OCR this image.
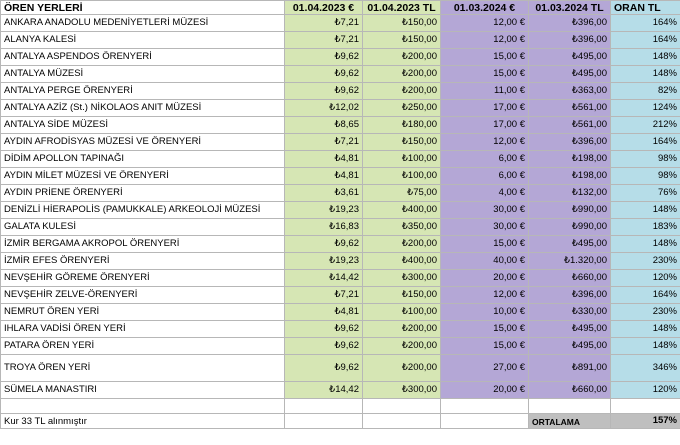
ÖREN YERLERİ	01.04.2023 €	01.04.2023 TL	01.03.2024 €	01.03.2024 TL	ORAN TL
ANKARA ANADOLU MEDENİYETLERİ MÜZESİ	₺7,21	₺150,00	12,00 €	₺396,00	164%
ALANYA KALESİ	₺7,21	₺150,00	12,00 €	₺396,00	164%
ANTALYA ASPENDOS ÖRENYERİ	₺9,62	₺200,00	15,00 €	₺495,00	148%
ANTALYA MÜZESİ	₺9,62	₺200,00	15,00 €	₺495,00	148%
ANTALYA PERGE ÖRENYERİ	₺9,62	₺200,00	11,00 €	₺363,00	82%
ANTALYA AZİZ (St.) NİKOLAOS ANIT MÜZESİ	₺12,02	₺250,00	17,00 €	₺561,00	124%
ANTALYA SİDE MÜZESİ	₺8,65	₺180,00	17,00 €	₺561,00	212%
AYDIN AFRODİSYAS MÜZESİ VE ÖRENYERİ	₺7,21	₺150,00	12,00 €	₺396,00	164%
DİDİM APOLLON TAPINAĞI	₺4,81	₺100,00	6,00 €	₺198,00	98%
AYDIN MİLET MÜZESİ VE ÖRENYERİ	₺4,81	₺100,00	6,00 €	₺198,00	98%
AYDIN PRİENE ÖRENYERİ	₺3,61	₺75,00	4,00 €	₺132,00	76%
DENİZLİ HİERAPOLİS (PAMUKKALE) ARKEOLOJİ MÜZESİ	₺19,23	₺400,00	30,00 €	₺990,00	148%
GALATA KULESİ	₺16,83	₺350,00	30,00 €	₺990,00	183%
İZMİR BERGAMA AKROPOL ÖRENYERİ	₺9,62	₺200,00	15,00 €	₺495,00	148%
İZMİR EFES ÖRENYERİ	₺19,23	₺400,00	40,00 €	₺1.320,00	230%
NEVŞEHİR GÖREME ÖRENYERİ	₺14,42	₺300,00	20,00 €	₺660,00	120%
NEVŞEHİR ZELVE-ÖRENYERİ	₺7,21	₺150,00	12,00 €	₺396,00	164%
NEMRUT ÖREN YERİ	₺4,81	₺100,00	10,00 €	₺330,00	230%
IHLARA VADİSİ ÖREN YERİ	₺9,62	₺200,00	15,00 €	₺495,00	148%
PATARA ÖREN YERİ	₺9,62	₺200,00	15,00 €	₺495,00	148%
TROYA ÖREN YERİ	₺9,62	₺200,00	27,00 €	₺891,00	346%
SÜMELA MANASTIRI	₺14,42	₺300,00	20,00 €	₺660,00	120%

Kur 33 TL alınmıştır				ORTALAMA	157%
